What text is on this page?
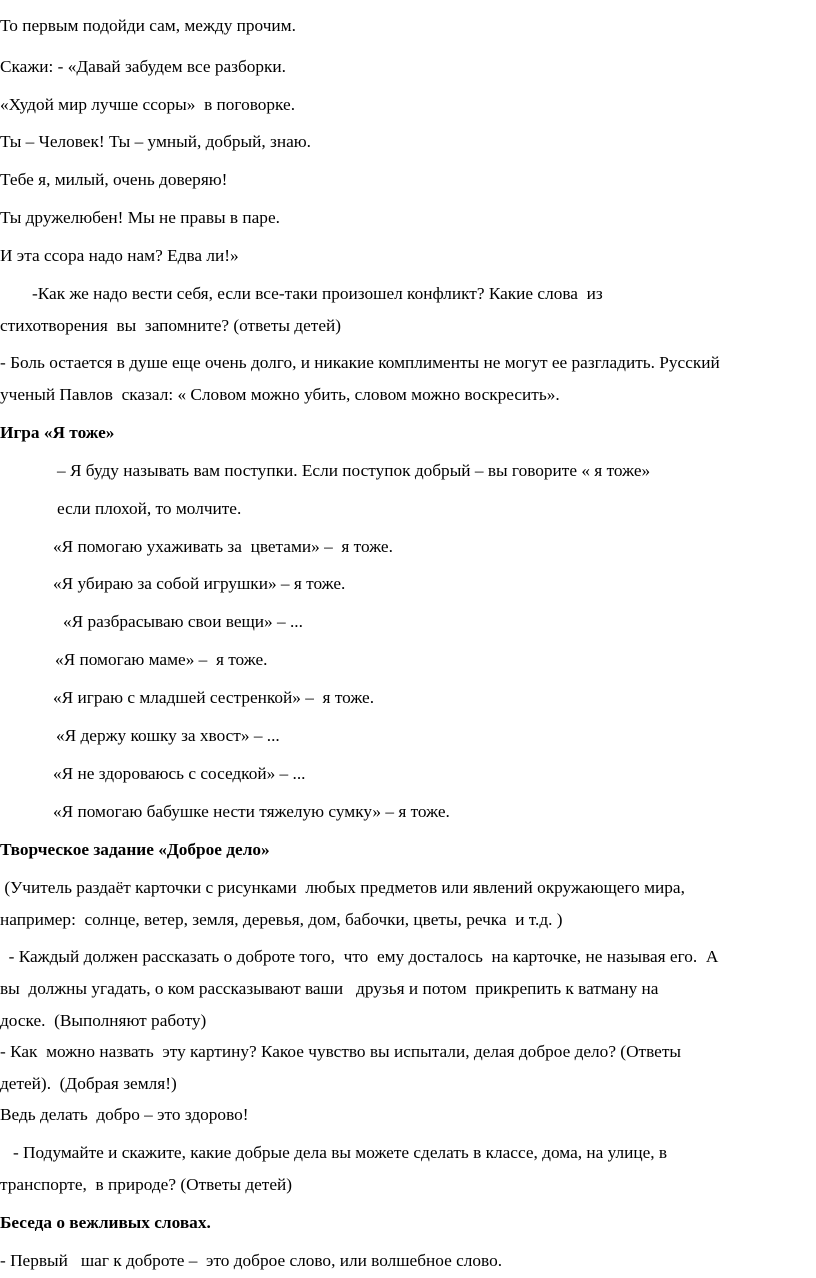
То первым подойди сам, между прочим.

Скажи: - «Давай забудем все разборки.

«Худой мир лучше ссоры»  в поговорке.

Ты – Человек! Ты – умный, добрый, знаю.

Тебе я, милый, очень доверяю!

Ты дружелюбен! Мы не правы в паре.

И эта ссора надо нам? Едва ли!»

-Как же надо вести себя, если все-таки произошел конфликт? Какие слова  из

стихотворения  вы  запомните? (ответы детей)

- Боль остается в душе еще очень долго, и никакие комплименты не могут ее разгладить. Русский

ученый Павлов  сказал: « Словом можно убить, словом можно воскресить».

Игра «Я тоже»

– Я буду называть вам поступки. Если поступок добрый – вы говорите « я тоже»

если плохой, то молчите.

«Я помогаю ухаживать за  цветами» –  я тоже.

«Я убираю за собой игрушки» – я тоже.

«Я разбрасываю свои вещи» – ...

«Я помогаю маме» –  я тоже.

«Я играю с младшей сестренкой» –  я тоже.

«Я держу кошку за хвост» – ...

«Я не здороваюсь с соседкой» – ...

«Я помогаю бабушке нести тяжелую сумку» – я тоже.

Творческое задание «Доброе дело»

(Учитель раздаёт карточки с рисунками  любых предметов или явлений окружающего мира,

например:  солнце, ветер, земля, деревья, дом, бабочки, цветы, речка  и т.д. )

- Каждый должен рассказать о доброте того,  что  ему досталось  на карточке, не называя его.  А

вы  должны угадать, о ком рассказывают ваши   друзья и потом  прикрепить к ватману на

доске.  (Выполняют работу)

- Как  можно назвать  эту картину? Какое чувство вы испытали, делая доброе дело? (Ответы

детей).  (Добрая земля!)

Ведь делать  добро – это здорово!

- Подумайте и скажите, какие добрые дела вы можете сделать в классе, дома, на улице, в

транспорте,  в природе? (Ответы детей)

Беседа о вежливых словах.

- Первый   шаг к доброте –  это доброе слово, или волшебное слово.
